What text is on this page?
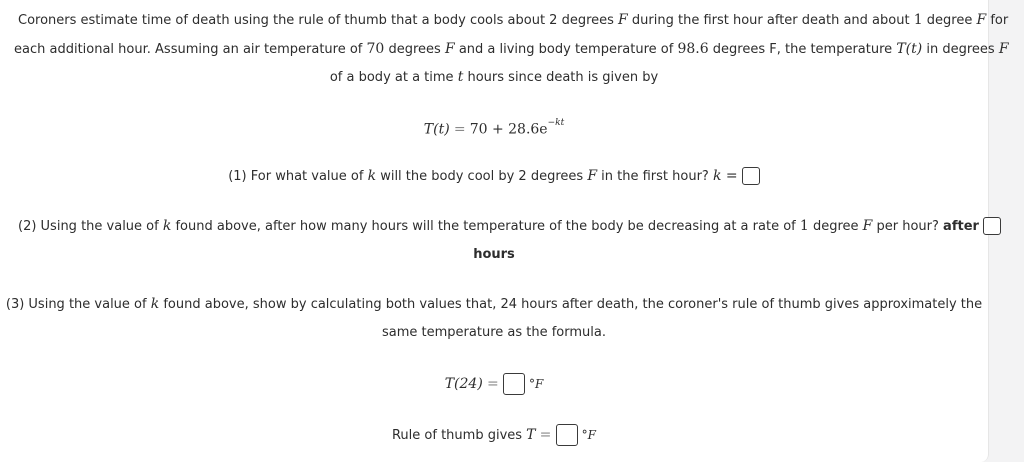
Coroners estimate time of death using the rule of thumb that a body cools about 2 degrees F during the first hour after death and about 1 degree F for
each additional hour. Assuming an air temperature of 70 degrees F and a living body temperature of 98.6 degrees F, the temperature T(t) in degrees F
of a body at a time t hours since death is given by
$T(t) = 70 + 28.6e^{-kt}$
(1) For what value of k will the body cool by 2 degrees F in the first hour? k =
(2) Using the value of k found above, after how many hours will the temperature of the body be decreasing at a rate of 1 degree F per hour? after
hours
(3) Using the value of k found above, show by calculating both values that, 24 hours after death, the coroner's rule of thumb gives approximately the
same temperature as the formula.
T(24) =	°F
Rule of thumb gives T =	°F
